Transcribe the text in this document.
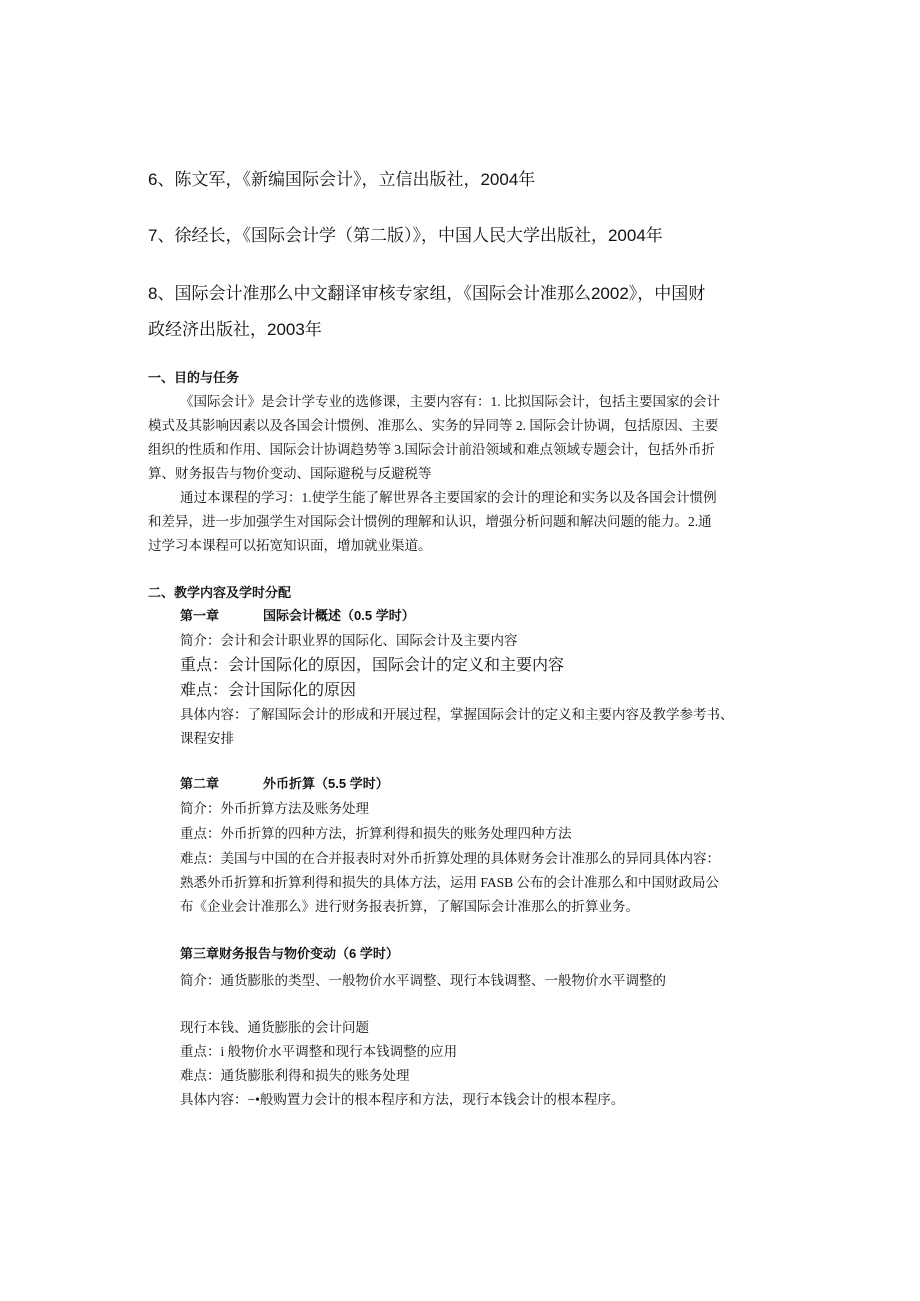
6、陈文军，《新编国际会计》，立信出版社，2004年
7、徐经长，《国际会计学（第二版）》，中国人民大学出版社，2004年
8、国际会计准那么中文翻译审核专家组，《国际会计准那么2002》，中国财
政经济出版社，2003年
一、目的与任务
《国际会计》是会计学专业的选修课，主要内容有：1. 比拟国际会计，包括主要国家的会计
模式及其影响因素以及各国会计惯例、准那么、实务的异同等 2. 国际会计协调，包括原因、主要
组织的性质和作用、国际会计协调趋势等 3.国际会计前沿领域和难点领域专题会计，包括外币折
算、财务报告与物价变动、国际避税与反避税等
通过本课程的学习：1.使学生能了解世界各主要国家的会计的理论和实务以及各国会计惯例
和差异，进一步加强学生对国际会计惯例的理解和认识，增强分析问题和解决问题的能力。2.通
过学习本课程可以拓宽知识面，增加就业渠道。
二、教学内容及学时分配
第一章	国际会计概述（0.5 学时）
简介：会计和会计职业界的国际化、国际会计及主要内容
重点：会计国际化的原因，国际会计的定义和主要内容
难点：会计国际化的原因
具体内容：了解国际会计的形成和开展过程，掌握国际会计的定义和主要内容及教学参考书、
课程安排
第二章	外币折算（5.5 学时）
简介：外币折算方法及账务处理
重点：外币折算的四种方法，折算利得和损失的账务处理四种方法
难点：美国与中国的在合并报表时对外币折算处理的具体财务会计准那么的异同具体内容：
熟悉外币折算和折算利得和损失的具体方法，运用 FASB 公布的会计准那么和中国财政局公
布《企业会计准那么》进行财务报表折算，了解国际会计准那么的折算业务。
第三章财务报告与物价变动（6 学时）
简介：通货膨胀的类型、一般物价水平调整、现行本钱调整、一般物价水平调整的
现行本钱、通货膨胀的会计问题
重点：i 般物价水平调整和现行本钱调整的应用
难点：通货膨胀利得和损失的账务处理
具体内容：−•般购置力会计的根本程序和方法，现行本钱会计的根本程序。
